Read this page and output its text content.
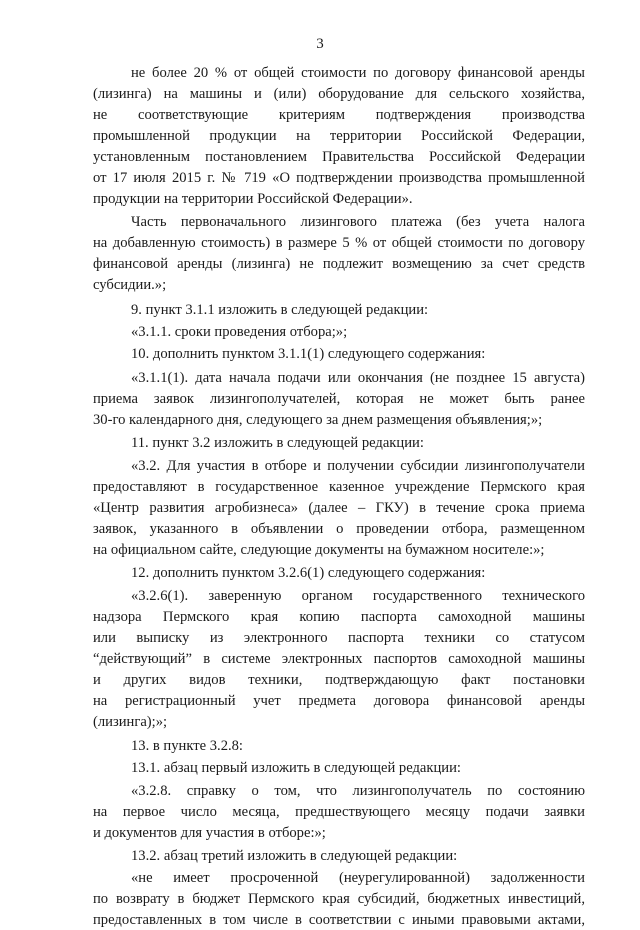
3
не более 20 % от общей стоимости по договору финансовой аренды
(лизинга) на машины и (или) оборудование для сельского хозяйства,
не соответствующие критериям подтверждения производства
промышленной продукции на территории Российской Федерации,
установленным постановлением Правительства Российской Федерации
от 17 июля 2015 г. № 719 «О подтверждении производства промышленной
продукции на территории Российской Федерации».
Часть первоначального лизингового платежа (без учета налога
на добавленную стоимость) в размере 5 % от общей стоимости по договору
финансовой аренды (лизинга) не подлежит возмещению за счет средств
субсидии.»;
9. пункт 3.1.1 изложить в следующей редакции:
«3.1.1. сроки проведения отбора;»;
10. дополнить пунктом 3.1.1(1) следующего содержания:
«3.1.1(1). дата начала подачи или окончания (не позднее 15 августа)
приема заявок лизингополучателей, которая не может быть ранее
30-го календарного дня, следующего за днем размещения объявления;»;
11. пункт 3.2 изложить в следующей редакции:
«3.2. Для участия в отборе и получении субсидии лизингополучатели
предоставляют в государственное казенное учреждение Пермского края
«Центр развития агробизнеса» (далее – ГКУ) в течение срока приема
заявок, указанного в объявлении о проведении отбора, размещенном
на официальном сайте, следующие документы на бумажном носителе:»;
12. дополнить пунктом 3.2.6(1) следующего содержания:
«3.2.6(1). заверенную органом государственного технического
надзора Пермского края копию паспорта самоходной машины
или выписку из электронного паспорта техники со статусом
“действующий” в системе электронных паспортов самоходной машины
и других видов техники, подтверждающую факт постановки
на регистрационный учет предмета договора финансовой аренды
(лизинга);»;
13. в пункте 3.2.8:
13.1. абзац первый изложить в следующей редакции:
«3.2.8. справку о том, что лизингополучатель по состоянию
на первое число месяца, предшествующего месяцу подачи заявки
и документов для участия в отборе:»;
13.2. абзац третий изложить в следующей редакции:
«не имеет просроченной (неурегулированной) задолженности
по возврату в бюджет Пермского края субсидий, бюджетных инвестиций,
предоставленных в том числе в соответствии с иными правовыми актами,
